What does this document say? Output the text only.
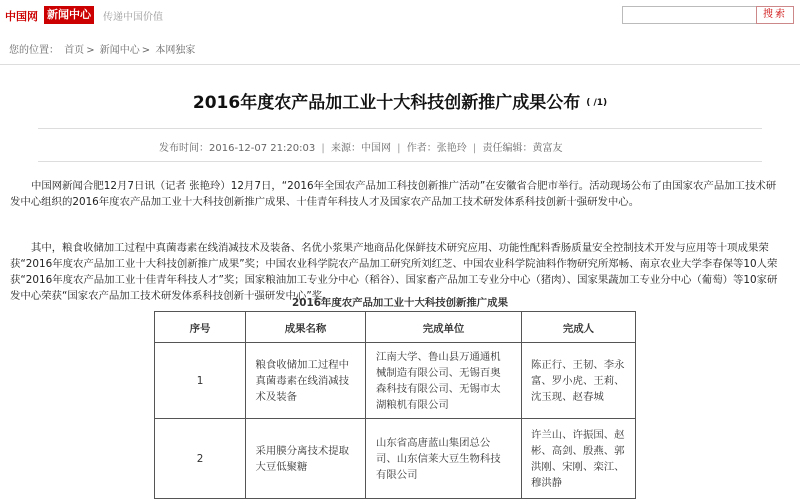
中国网 新闻中心	传递中国价值	搜索
您的位置： 首页 > 新闻中心 > 本网独家
2016年度农产品加工业十大科技创新推广成果公布 ( /1)
发布时间：2016-12-07 21:20:03 | 来源：中国网 | 作者：张艳玲 | 责任编辑：黄富友
中国网新闻合肥12月7日讯（记者 张艳玲）12月7日，“2016年全国农产品加工科技创新推广活动”在安徽省合肥市举行。活动现场公布了由国家农产品加工技术研发中心组织的2016年度农产品加工业十大科技创新推广成果、十佳青年科技人才及国家农产品加工技术研发体系科技创新十强研发中心。
其中，粮食收储加工过程中真菌毒素在线消减技术及装备、名优小浆果产地商品化保鲜技术研究应用、功能性配料香肠质量安全控制技术开发与应用等十项成果荣获“2016年度农产品加工业十大科技创新推广成果”奖；中国农业科学院农产品加工研究所刘红芝、中国农业科学院油料作物研究所郑畅、南京农业大学李春保等10人荣获“2016年度农产品加工业十佳青年科技人才”奖；国家粮油加工专业分中心（稻谷）、国家畜产品加工专业分中心（猪肉）、国家果蔬加工专业分中心（葡萄）等10家研发中心荣获“国家农产品加工技术研发体系科技创新十强研发中心”奖。
2016年度农产品加工业十大科技创新推广成果
序号	成果名称	完成单位	完成人
1	粮食收储加工过程中真菌毒素在线消减技术及装备	江南大学、鲁山县万通通机械制造有限公司、无锡百奥森科技有限公司、无锡市太湖粮机有限公司	陈正行、王韧、李永富、罗小虎、王莉、沈玉现、赵春城
2	采用膜分离技术提取大豆低聚糖	山东省高唐蓝山集团总公司、山东信莱大豆生物科技有限公司	许兰山、许振国、赵彬、高剑、殷燕、郭洪刚、宋刚、栾江、穆洪静
